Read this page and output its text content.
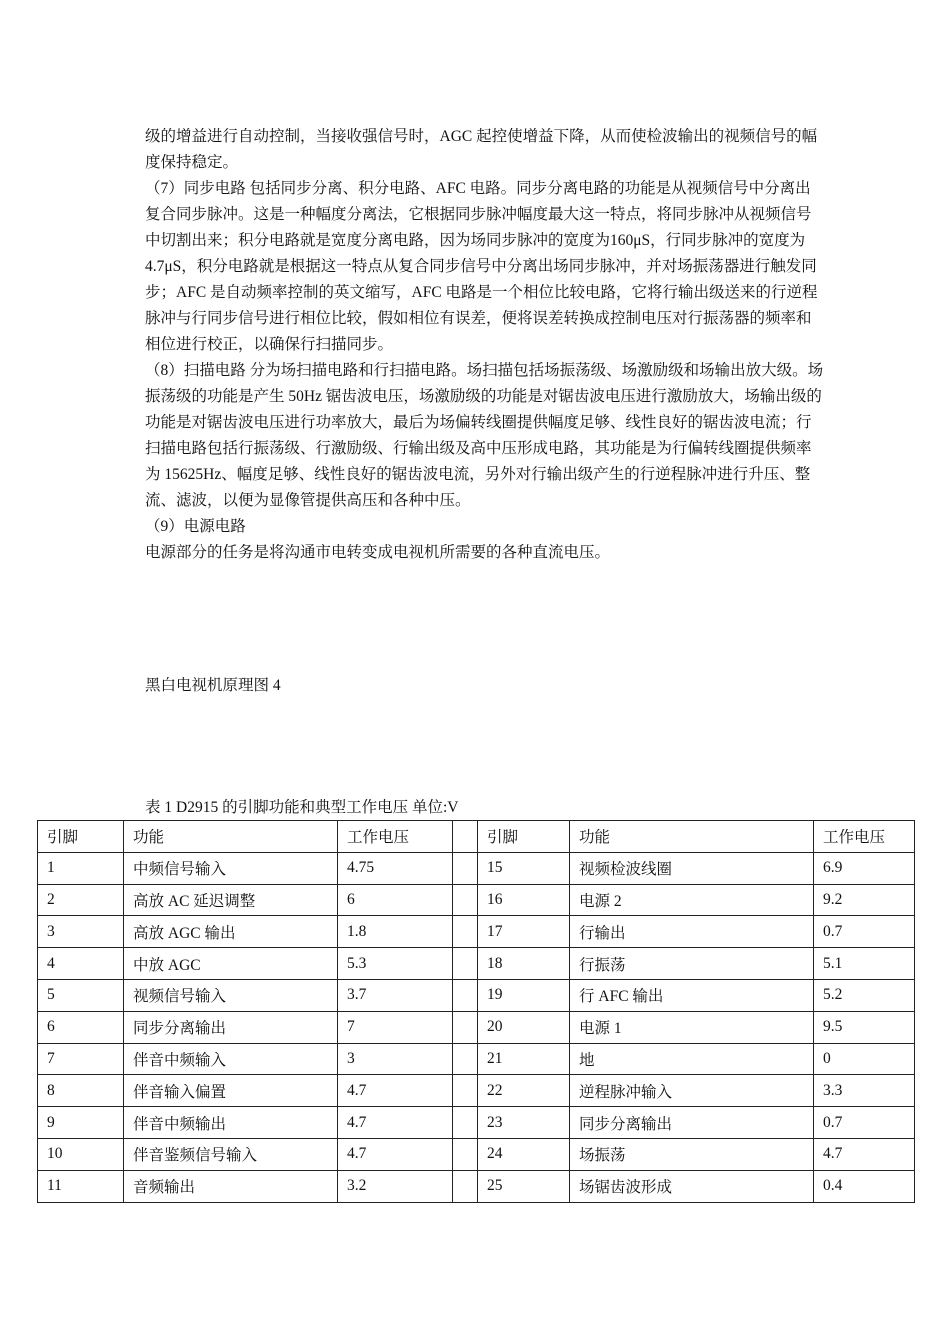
级的增益进行自动控制，当接收强信号时，AGC 起控使增益下降，从而使检波输出的视频信号的幅度保持稳定。

（7）同步电路 包括同步分离、积分电路、AFC 电路。同步分离电路的功能是从视频信号中分离出复合同步脉冲。这是一种幅度分离法，它根据同步脉冲幅度最大这一特点，将同步脉冲从视频信号中切割出来；积分电路就是宽度分离电路，因为场同步脉冲的宽度为160μS，行同步脉冲的宽度为 4.7μS，积分电路就是根据这一特点从复合同步信号中分离出场同步脉冲，并对场振荡器进行触发同步；AFC 是自动频率控制的英文缩写，AFC 电路是一个相位比较电路，它将行输出级送来的行逆程脉冲与行同步信号进行相位比较，假如相位有误差，便将误差转换成控制电压对行振荡器的频率和相位进行校正，以确保行扫描同步。

（8）扫描电路 分为场扫描电路和行扫描电路。场扫描包括场振荡级、场激励级和场输出放大级。场振荡级的功能是产生 50Hz 锯齿波电压，场激励级的功能是对锯齿波电压进行激励放大，场输出级的功能是对锯齿波电压进行功率放大，最后为场偏转线圈提供幅度足够、线性良好的锯齿波电流；行扫描电路包括行振荡级、行激励级、行输出级及高中压形成电路，其功能是为行偏转线圈提供频率为 15625Hz、幅度足够、线性良好的锯齿波电流，另外对行输出级产生的行逆程脉冲进行升压、整流、滤波，以便为显像管提供高压和各种中压。

（9）电源电路

电源部分的任务是将沟通市电转变成电视机所需要的各种直流电压。

黑白电视机原理图 4
表 1 D2915 的引脚功能和典型工作电压 单位:V
引脚	功能	工作电压		引脚	功能	工作电压
1	中频信号输入	4.75		15	视频检波线圈	6.9
2	高放 AC 延迟调整	6		16	电源 2	9.2
3	高放 AGC 输出	1.8		17	行输出	0.7
4	中放 AGC	5.3		18	行振荡	5.1
5	视频信号输入	3.7		19	行 AFC 输出	5.2
6	同步分离输出	7		20	电源 1	9.5
7	伴音中频输入	3		21	地	0
8	伴音输入偏置	4.7		22	逆程脉冲输入	3.3
9	伴音中频输出	4.7		23	同步分离输出	0.7
10	伴音鉴频信号输入	4.7		24	场振荡	4.7
11	音频输出	3.2		25	场锯齿波形成	0.4
